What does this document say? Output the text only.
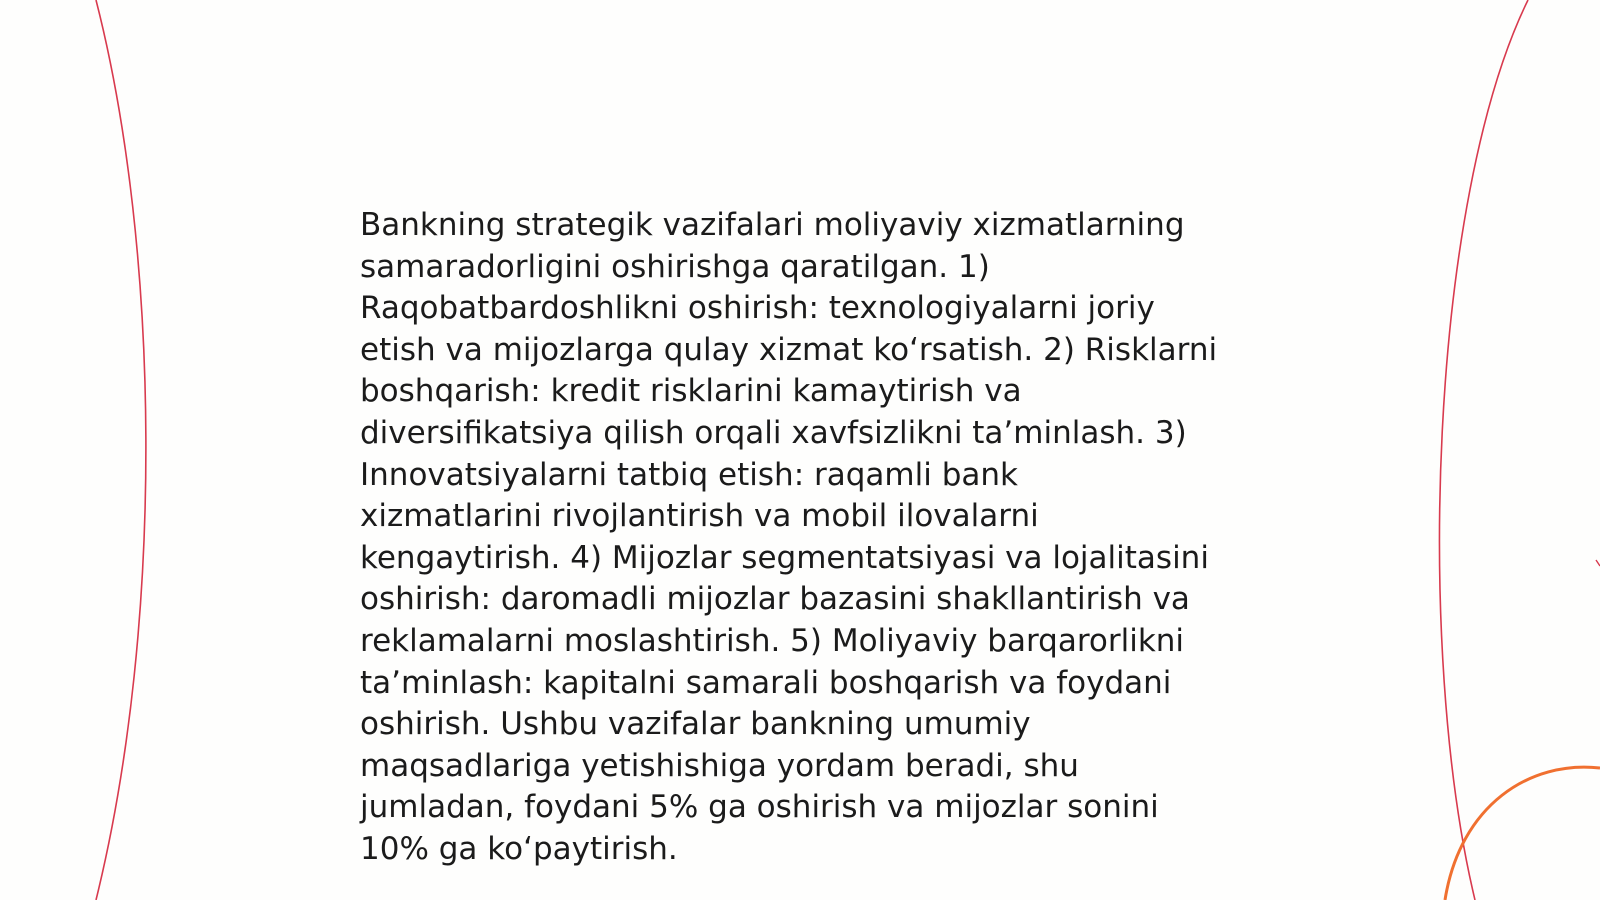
Bankning strategik vazifalari moliyaviy xizmatlarning
samaradorligini oshirishga qaratilgan. 1)
Raqobatbardoshlikni oshirish: texnologiyalarni joriy
etish va mijozlarga qulay xizmat koʻrsatish. 2) Risklarni
boshqarish: kredit risklarini kamaytirish va
diversifikatsiya qilish orqali xavfsizlikni taʼminlash. 3)
Innovatsiyalarni tatbiq etish: raqamli bank
xizmatlarini rivojlantirish va mobil ilovalarni
kengaytirish. 4) Mijozlar segmentatsiyasi va lojalitasini
oshirish: daromadli mijozlar bazasini shakllantirish va
reklamalarni moslashtirish. 5) Moliyaviy barqarorlikni
taʼminlash: kapitalni samarali boshqarish va foydani
oshirish. Ushbu vazifalar bankning umumiy
maqsadlariga yetishishiga yordam beradi, shu
jumladan, foydani 5% ga oshirish va mijozlar sonini
10% ga koʻpaytirish.
